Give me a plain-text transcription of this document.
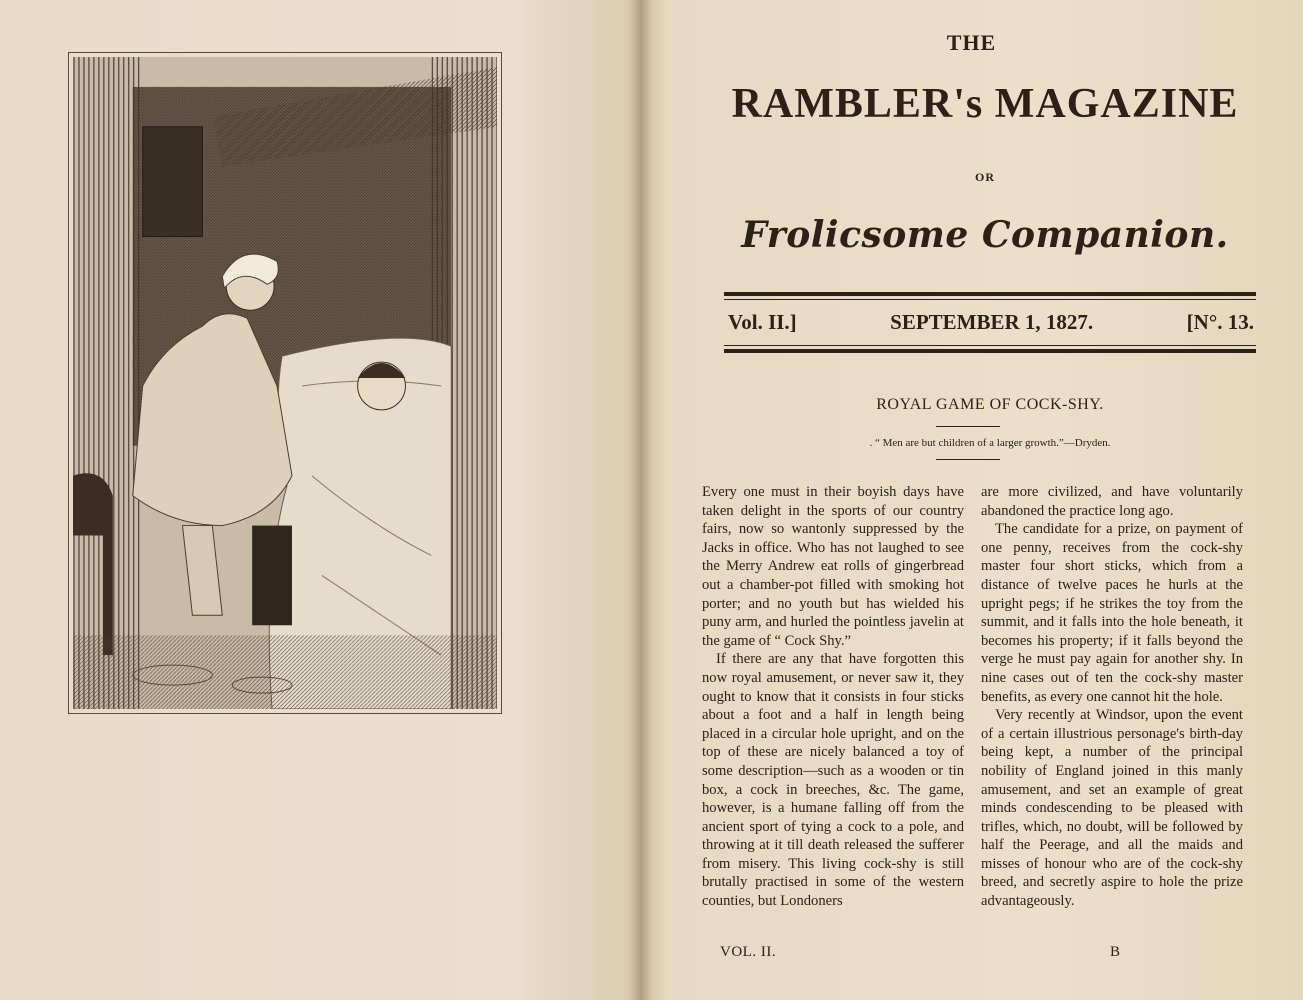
THE
RAMBLER's MAGAZINE
OR
Frolicsome Companion.
Vol. II.]	SEPTEMBER 1, 1827.	[N°. 13.
ROYAL GAME OF COCK-SHY.
. “ Men are but children of a larger growth.”—Dryden.

Every one must in their boyish days have taken delight in the sports of our country fairs, now so wantonly suppressed by the Jacks in office. Who has not laughed to see the Merry Andrew eat rolls of gingerbread out a chamber-pot filled with smoking hot porter; and no youth but has wielded his puny arm, and hurled the pointless javelin at the game of “ Cock Shy.”

If there are any that have forgotten this now royal amusement, or never saw it, they ought to know that it consists in four sticks about a foot and a half in length being placed in a circular hole upright, and on the top of these are nicely balanced a toy of some description—such as a wooden or tin box, a cock in breeches, &c. The game, however, is a humane falling off from the ancient sport of tying a cock to a pole, and throwing at it till death released the sufferer from misery. This living cock-shy is still brutally practised in some of the western counties, but Londoners

are more civilized, and have voluntarily abandoned the practice long ago.

The candidate for a prize, on payment of one penny, receives from the cock-shy master four short sticks, which from a distance of twelve paces he hurls at the upright pegs; if he strikes the toy from the summit, and it falls into the hole beneath, it becomes his property; if it falls beyond the verge he must pay again for another shy. In nine cases out of ten the cock-shy master benefits, as every one cannot hit the hole.

Very recently at Windsor, upon the event of a certain illustrious personage's birth-day being kept, a number of the principal nobility of England joined in this manly amusement, and set an example of great minds condescending to be pleased with trifles, which, no doubt, will be followed by half the Peerage, and all the maids and misses of honour who are of the cock-shy breed, and secretly aspire to hole the prize advantageously.

VOL. II.	B
